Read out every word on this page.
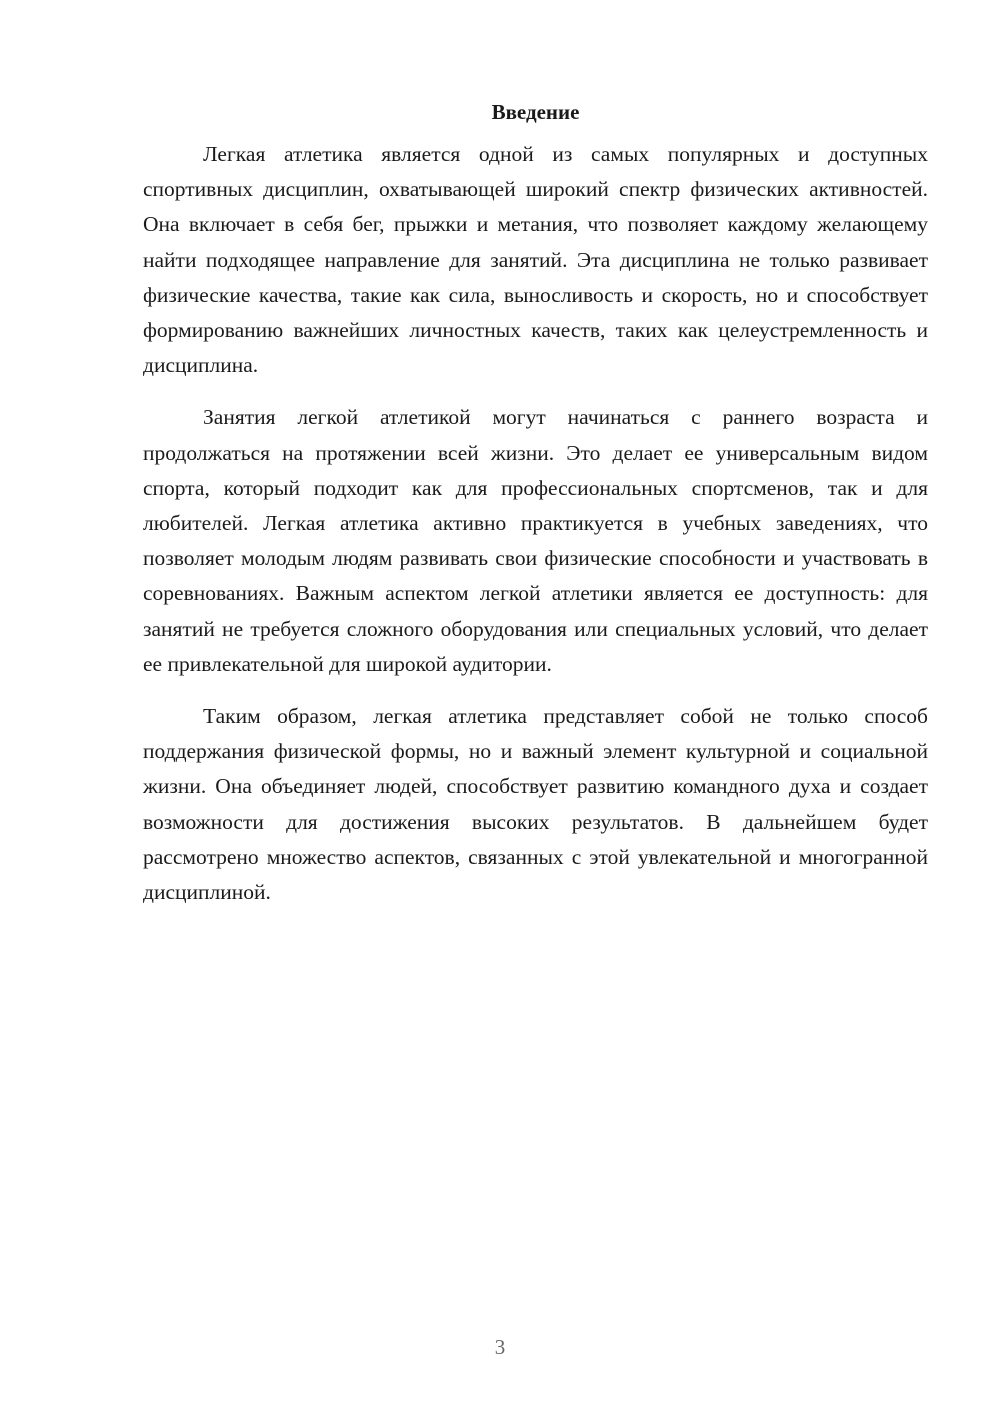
Введение

Легкая атлетика является одной из самых популярных и доступных спортивных дисциплин, охватывающей широкий спектр физических активностей. Она включает в себя бег, прыжки и метания, что позволяет каждому желающему найти подходящее направление для занятий. Эта дисциплина не только развивает физические качества, такие как сила, выносливость и скорость, но и способствует формированию важнейших личностных качеств, таких как целеустремленность и дисциплина.

Занятия легкой атлетикой могут начинаться с раннего возраста и продолжаться на протяжении всей жизни. Это делает ее универсальным видом спорта, который подходит как для профессиональных спортсменов, так и для любителей. Легкая атлетика активно практикуется в учебных заведениях, что позволяет молодым людям развивать свои физические способности и участвовать в соревнованиях. Важным аспектом легкой атлетики является ее доступность: для занятий не требуется сложного оборудования или специальных условий, что делает ее привлекательной для широкой аудитории.

Таким образом, легкая атлетика представляет собой не только способ поддержания физической формы, но и важный элемент культурной и социальной жизни. Она объединяет людей, способствует развитию командного духа и создает возможности для достижения высоких результатов. В дальнейшем будет рассмотрено множество аспектов, связанных с этой увлекательной и многогранной дисциплиной.

3
